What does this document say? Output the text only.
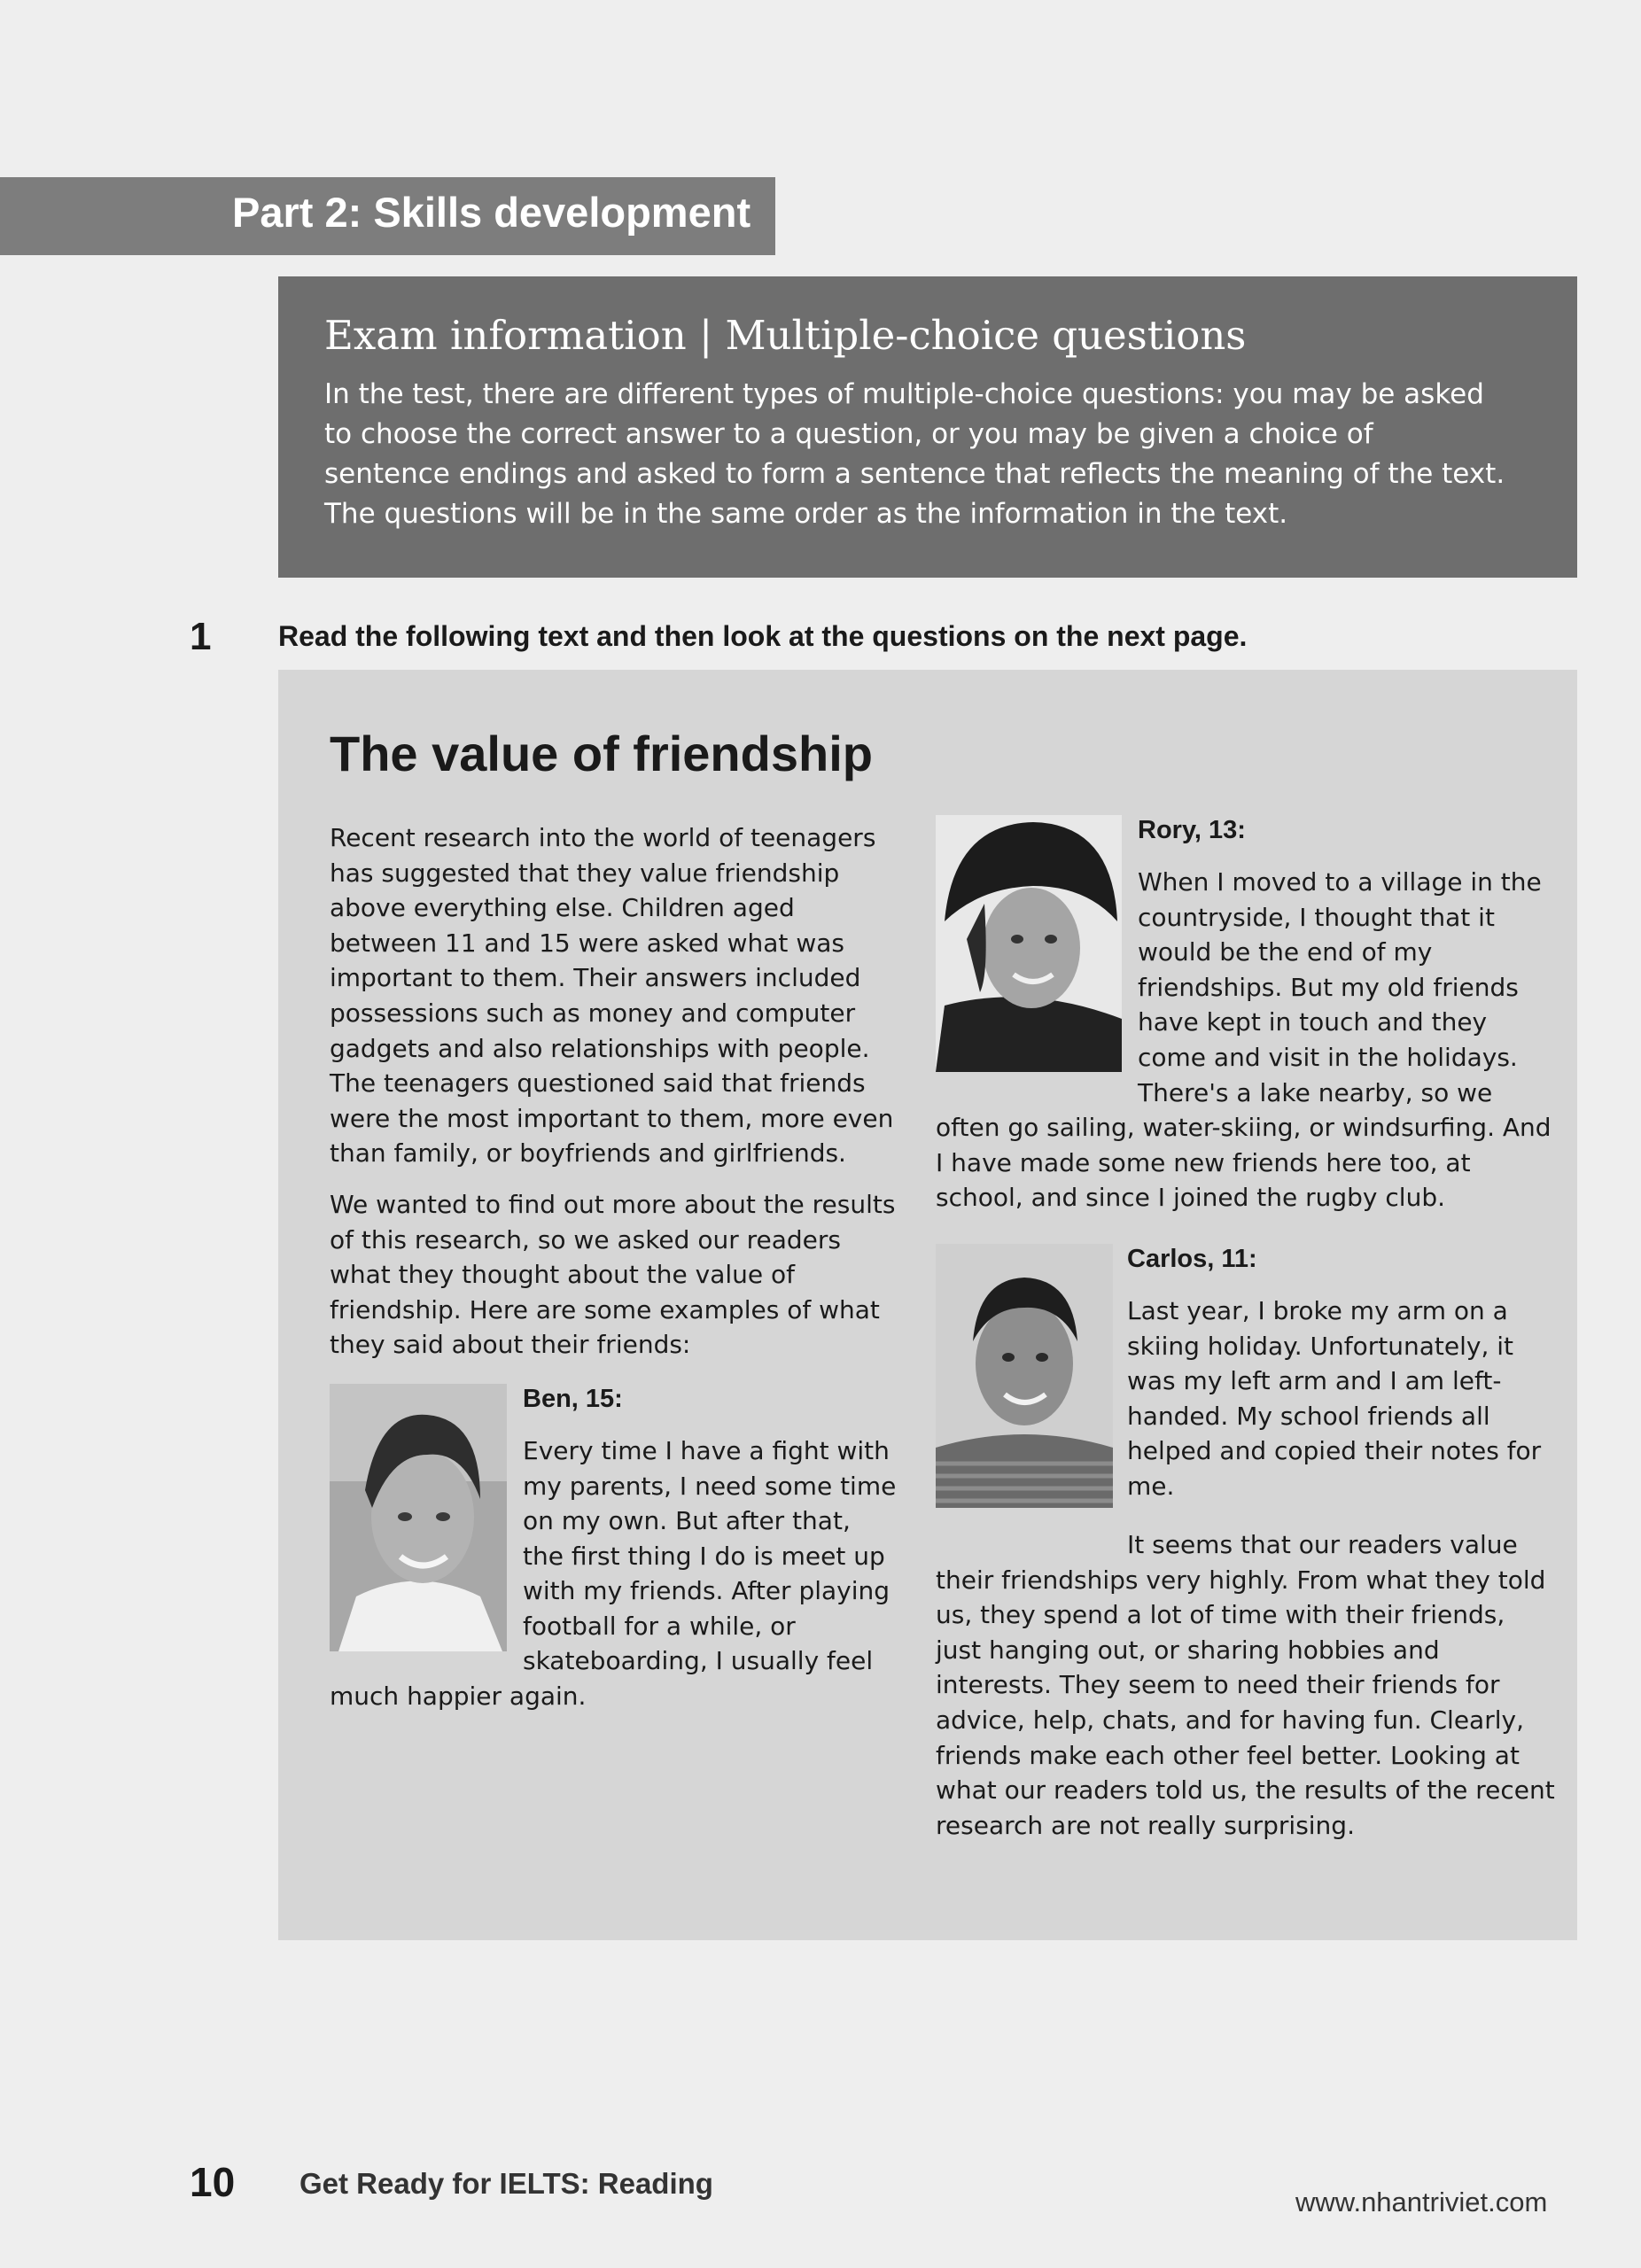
Part 2: Skills development
Exam information | Multiple-choice questions

In the test, there are different types of multiple-choice questions: you may be asked to choose the correct answer to a question, or you may be given a choice of sentence endings and asked to form a sentence that reflects the meaning of the text. The questions will be in the same order as the information in the text.

1 Read the following text and then look at the questions on the next page.
The value of friendship

Recent research into the world of teenagers has suggested that they value friendship above everything else. Children aged between 11 and 15 were asked what was important to them. Their answers included possessions such as money and computer gadgets and also relationships with people. The teenagers questioned said that friends were the most important to them, more even than family, or boyfriends and girlfriends.

We wanted to find out more about the results of this research, so we asked our readers what they thought about the value of friendship. Here are some examples of what they said about their friends:

Ben, 15:

Every time I have a fight with my parents, I need some time on my own. But after that, the first thing I do is meet up with my friends. After playing football for a while, or skateboarding, I usually feel much happier again.

Rory, 13:

When I moved to a village in the countryside, I thought that it would be the end of my friendships. But my old friends have kept in touch and they come and visit in the holidays. There's a lake nearby, so we often go sailing, water-skiing, or windsurfing. And I have made some new friends here too, at school, and since I joined the rugby club.

Carlos, 11:

Last year, I broke my arm on a skiing holiday. Unfortunately, it was my left arm and I am left-handed. My school friends all helped and copied their notes for me.

It seems that our readers value their friendships very highly. From what they told us, they spend a lot of time with their friends, just hanging out, or sharing hobbies and interests. They seem to need their friends for advice, help, chats, and for having fun. Clearly, friends make each other feel better. Looking at what our readers told us, the results of the recent research are not really surprising.

10 Get Ready for IELTS: Reading
www.nhantriviet.com
